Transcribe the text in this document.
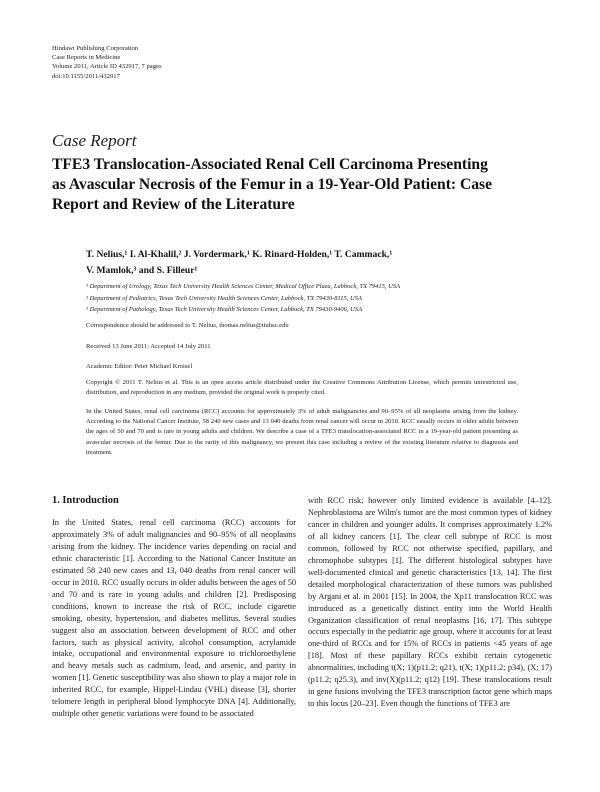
Hindawi Publishing Corporation
Case Reports in Medicine
Volume 2011, Article ID 432917, 7 pages
doi:10.1155/2011/432917
Case Report
TFE3 Translocation-Associated Renal Cell Carcinoma Presenting
as Avascular Necrosis of the Femur in a 19-Year-Old Patient: Case
Report and Review of the Literature
T. Nelius,¹ I. Al-Khalil,² J. Vordermark,¹ K. Rinard-Holden,¹ T. Cammack,¹
V. Mamlok,³ and S. Filleur¹
¹ Department of Urology, Texas Tech University Health Sciences Center, Medical Office Plaza, Lubbock, TX 79415, USA
² Department of Pediatrics, Texas Tech University Health Sciences Center, Lubbock, TX 79430-8115, USA
³ Department of Pathology, Texas Tech University Health Sciences Center, Lubbock, TX 79430-9406, USA
Correspondence should be addressed to T. Nelius, thomas.nelius@ttuhsc.edu
Received 13 June 2011; Accepted 14 July 2011
Academic Editor: Peter Michael Kroisel
Copyright © 2011 T. Nelius et al. This is an open access article distributed under the Creative Commons Attribution License, which permits unrestricted use, distribution, and reproduction in any medium, provided the original work is properly cited.
In the United States, renal cell carcinoma (RCC) accounts for approximately 3% of adult malignancies and 90–95% of all neoplasms arising from the kidney. According to the National Cancer Institute, 58 240 new cases and 13 040 deaths from renal cancer will occur in 2010. RCC usually occurs in older adults between the ages of 50 and 70 and is rare in young adults and children. We describe a case of a TFE3 translocation-associated RCC in a 19-year-old patient presenting as avascular necrosis of the femur. Due to the rarity of this malignancy, we present this case including a review of the existing literature relative to diagnosis and treatment.
1. Introduction
In the United States, renal cell carcinoma (RCC) accounts for approximately 3% of adult malignancies and 90–95% of all neoplasms arising from the kidney. The incidence varies depending on racial and ethnic characteristic [1]. According to the National Cancer Institute an estimated 58 240 new cases and 13, 040 deaths from renal cancer will occur in 2010. RCC usually occurs in older adults between the ages of 50 and 70 and is rare in young adults and children [2]. Predisposing conditions, known to increase the risk of RCC, include cigarette smoking, obesity, hypertension, and diabetes mellitus. Several studies suggest also an association between development of RCC and other factors, such as physical activity, alcohol consumption, acrylamide intake, occupational and environmental exposure to trichloroethylene and heavy metals such as cadmium, lead, and arsenic, and parity in women [1]. Genetic susceptibility was also shown to play a major role in inherited RCC, for example, Hippel-Lindau (VHL) disease [3], shorter telomere length in peripheral blood lymphocyte DNA [4]. Additionally, multiple other genetic variations were found to be associated
with RCC risk; however only limited evidence is available [4–12]. Nephroblastoma are Wilm's tumor are the most common types of kidney cancer in children and younger adults. It comprises approximately 1.2% of all kidney cancers [1]. The clear cell subtype of RCC is most common, followed by RCC not otherwise specified, papillary, and chromophobe subtypes [1]. The different histological subtypes have well-documented clinical and genetic characteristics [13, 14]. The first detailed morphological characterization of these tumors was published by Argani et al. in 2001 [15]. In 2004, the Xp11 translocation RCC was introduced as a genetically distinct entity into the World Health Organization classification of renal neoplasms [16, 17]. This subtype occurs especially in the pediatric age group, where it accounts for at least one-third of RCCs and for 15% of RCCs in patients <45 years of age [18]. Most of these papillary RCCs exhibit certain cytogenetic abnormalities, including t(X; 1)(p11.2; q21), t(X; 1)(p11.2; p34), (X; 17)(p11.2; q25.3), and inv(X)(p11.2; q12) [19]. These translocations result in gene fusions involving the TFE3 transcription factor gene which maps to this locus [20–23]. Even though the functions of TFE3 are
